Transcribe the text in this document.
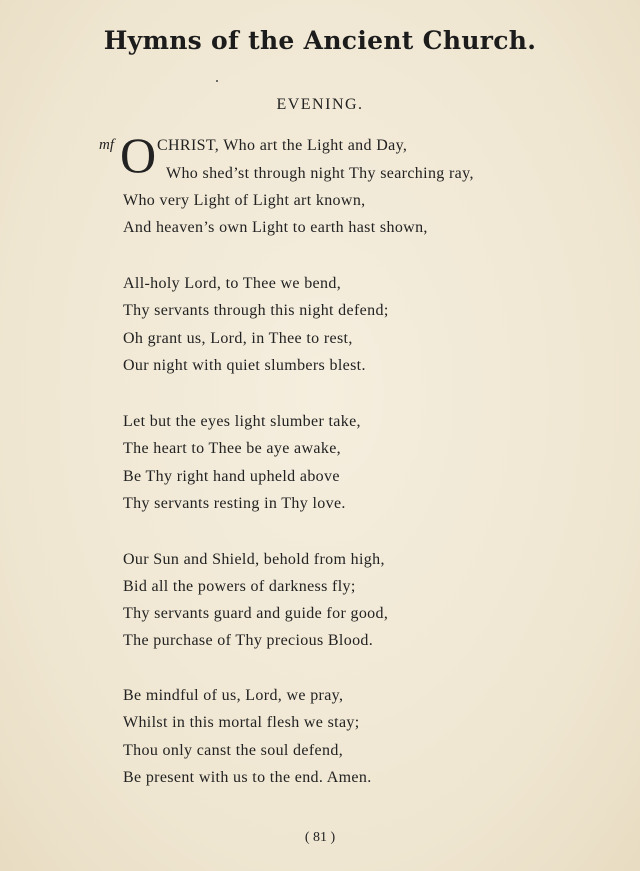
Hymns of the Ancient Church.
EVENING.
mf O CHRIST, Who art the Light and Day,
Who shed’st through night Thy searching ray,
Who very Light of Light art known,
And heaven’s own Light to earth hast shown,
All-holy Lord, to Thee we bend,
Thy servants through this night defend;
Oh grant us, Lord, in Thee to rest,
Our night with quiet slumbers blest.
Let but the eyes light slumber take,
The heart to Thee be aye awake,
Be Thy right hand upheld above
Thy servants resting in Thy love.
Our Sun and Shield, behold from high,
Bid all the powers of darkness fly;
Thy servants guard and guide for good,
The purchase of Thy precious Blood.
Be mindful of us, Lord, we pray,
Whilst in this mortal flesh we stay;
Thou only canst the soul defend,
Be present with us to the end. Amen.
( 81 )
